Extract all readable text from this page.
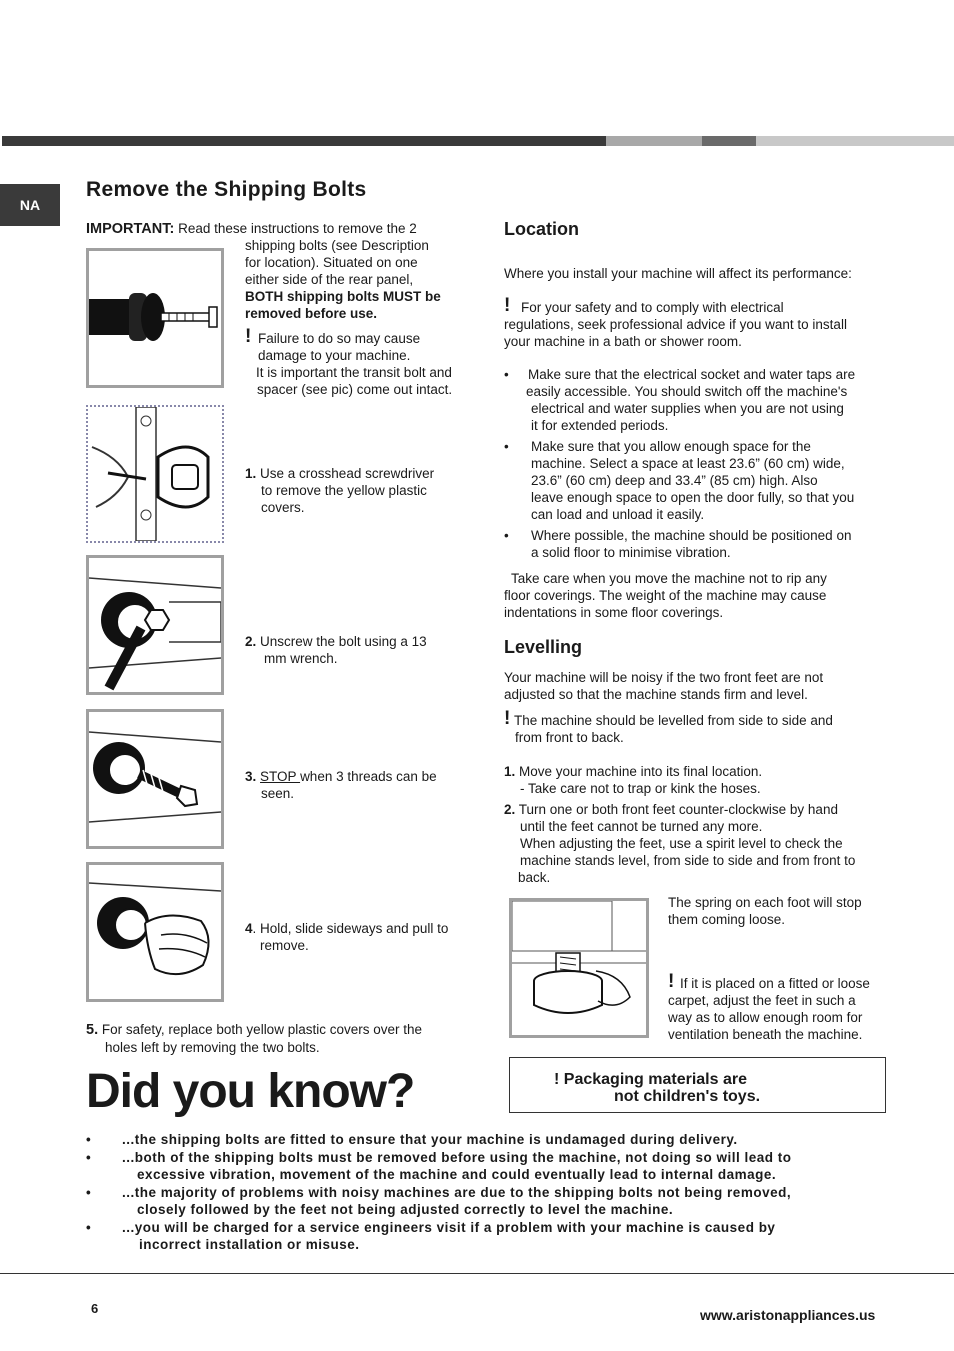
NA
Remove the Shipping Bolts
IMPORTANT: Read these instructions to remove the 2
shipping bolts (see Description
for location). Situated on one
either side of the rear panel,
BOTH shipping bolts MUST be
removed before use.
! Failure to do so may cause
damage to your machine.
It is important the transit bolt and
spacer (see pic) come out intact.
1. Use a crosshead screwdriver
to remove the yellow plastic
covers.
2. Unscrew the bolt using a 13
mm wrench.
3. STOP when 3 threads can be
seen.
4. Hold, slide sideways and pull to
remove.
5. For safety, replace both yellow plastic covers over the
holes left by removing the two bolts.
Location
Where you install your machine will affect its performance:
! For your safety and to comply with electrical
regulations, seek professional advice if you want to install
your machine in a bath or shower room.
•	Make sure that the electrical socket and water taps are
easily accessible. You should switch off the machine's
electrical and water supplies when you are not using
it for extended periods.
•	Make sure that you allow enough space for the
machine. Select a space at least 23.6” (60 cm) wide,
23.6” (60 cm) deep and 33.4” (85 cm) high. Also
leave enough space to open the door fully, so that you
can load and unload it easily.
•	Where possible, the machine should be positioned on
a solid floor to minimise vibration.
Take care when you move the machine not to rip any
floor coverings. The weight of the machine may cause
indentations in some floor coverings.
Levelling
Your machine will be noisy if the two front feet are not
adjusted so that the machine stands firm and level.
! The machine should be levelled from side to side and
from front to back.
1. Move your machine into its final location.
- Take care not to trap or kink the hoses.
2. Turn one or both front feet counter-clockwise by hand
until the feet cannot be turned any more.
When adjusting the feet, use a spirit level to check the
machine stands level, from side to side and from front to
back.
The spring on each foot will stop
them coming loose.
! If it is placed on a fitted or loose
carpet, adjust the feet in such a
way as to allow enough room for
ventilation beneath the machine.
! Packaging materials are
not children's toys.
Did you know?
• ...the shipping bolts are fitted to ensure that your machine is undamaged during delivery.
• ...both of the shipping bolts must be removed before using the machine, not doing so will lead to
excessive vibration, movement of the machine and could eventually lead to internal damage.
• ...the majority of problems with noisy machines are due to the shipping bolts not being removed,
closely followed by the feet not being adjusted correctly to level the machine.
• ...you will be charged for a service engineers visit if a problem with your machine is caused by
incorrect installation or misuse.
6	www.aristonappliances.us
